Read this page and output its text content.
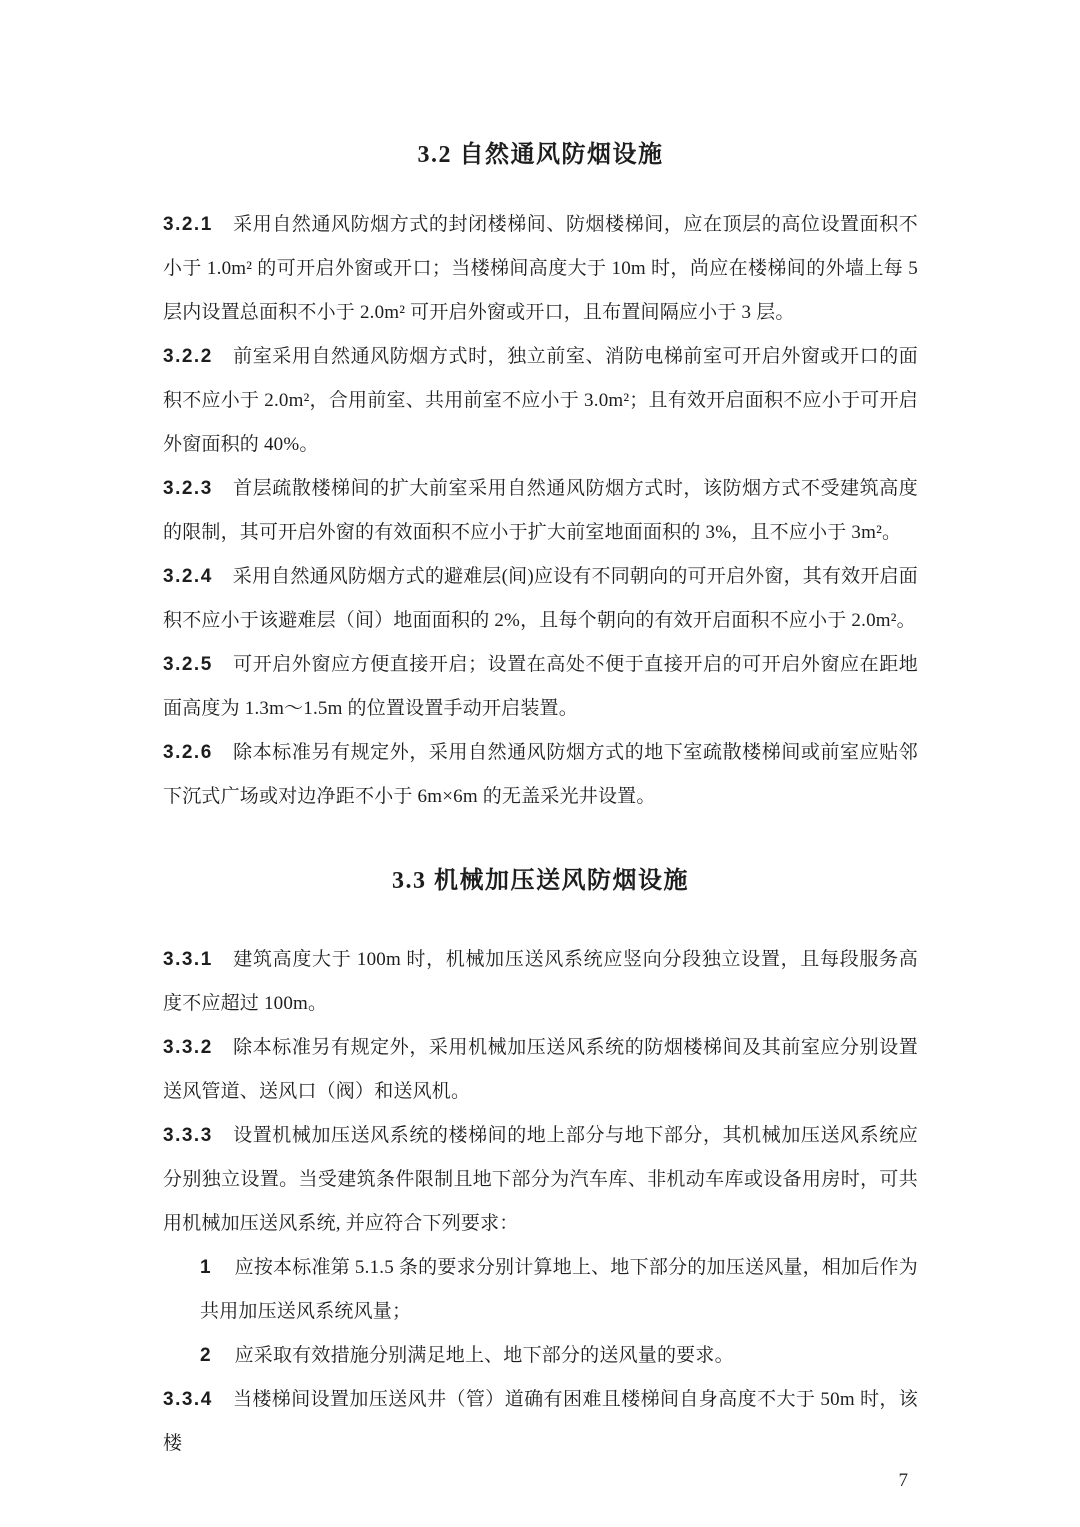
3.2 自然通风防烟设施

3.2.1 采用自然通风防烟方式的封闭楼梯间、防烟楼梯间，应在顶层的高位设置面积不小于 1.0m² 的可开启外窗或开口；当楼梯间高度大于 10m 时，尚应在楼梯间的外墙上每 5 层内设置总面积不小于 2.0m² 可开启外窗或开口，且布置间隔应小于 3 层。

3.2.2 前室采用自然通风防烟方式时，独立前室、消防电梯前室可开启外窗或开口的面积不应小于 2.0m²，合用前室、共用前室不应小于 3.0m²；且有效开启面积不应小于可开启外窗面积的 40%。

3.2.3 首层疏散楼梯间的扩大前室采用自然通风防烟方式时，该防烟方式不受建筑高度的限制，其可开启外窗的有效面积不应小于扩大前室地面面积的 3%，且不应小于 3m²。

3.2.4 采用自然通风防烟方式的避难层(间)应设有不同朝向的可开启外窗，其有效开启面积不应小于该避难层（间）地面面积的 2%，且每个朝向的有效开启面积不应小于 2.0m²。

3.2.5 可开启外窗应方便直接开启；设置在高处不便于直接开启的可开启外窗应在距地面高度为 1.3m～1.5m 的位置设置手动开启装置。

3.2.6 除本标准另有规定外，采用自然通风防烟方式的地下室疏散楼梯间或前室应贴邻下沉式广场或对边净距不小于 6m×6m 的无盖采光井设置。

3.3 机械加压送风防烟设施

3.3.1 建筑高度大于 100m 时，机械加压送风系统应竖向分段独立设置，且每段服务高度不应超过 100m。

3.3.2 除本标准另有规定外，采用机械加压送风系统的防烟楼梯间及其前室应分别设置送风管道、送风口（阀）和送风机。

3.3.3 设置机械加压送风系统的楼梯间的地上部分与地下部分，其机械加压送风系统应分别独立设置。当受建筑条件限制且地下部分为汽车库、非机动车库或设备用房时，可共用机械加压送风系统, 并应符合下列要求：

1 应按本标准第 5.1.5 条的要求分别计算地上、地下部分的加压送风量，相加后作为共用加压送风系统风量；

2 应采取有效措施分别满足地上、地下部分的送风量的要求。

3.3.4 当楼梯间设置加压送风井（管）道确有困难且楼梯间自身高度不大于 50m 时，该楼

7
